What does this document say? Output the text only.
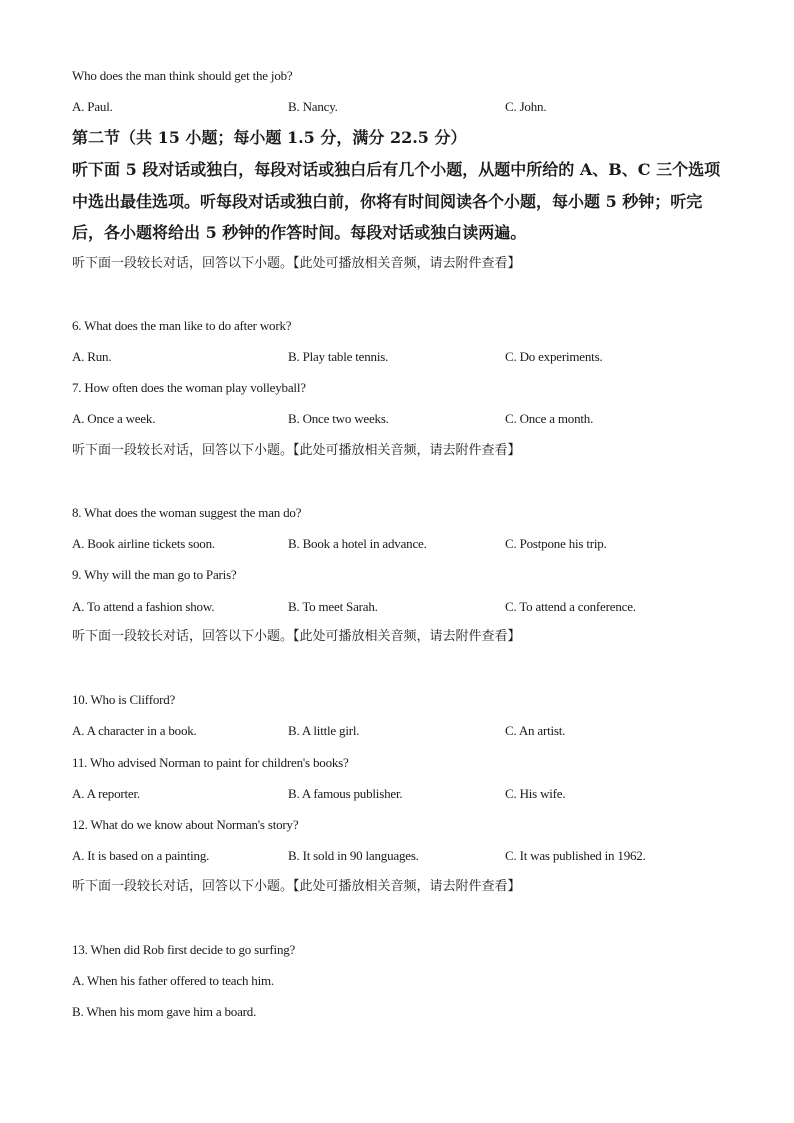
Who does the man think should get the job?
A. Paul.	B. Nancy.	C. John.
第二节（共 15 小题；每小题 1.5 分，满分 22.5 分）
听下面 5 段对话或独白，每段对话或独白后有几个小题，从题中所给的 A、B、C 三个选项
中选出最佳选项。听每段对话或独白前，你将有时间阅读各个小题，每小题 5 秒钟；听完
后，各小题将给出 5 秒钟的作答时间。每段对话或独白读两遍。
听下面一段较长对话，回答以下小题。【此处可播放相关音频，请去附件查看】
6. What does the man like to do after work?
A. Run.	B. Play table tennis.	C. Do experiments.
7. How often does the woman play volleyball?
A. Once a week.	B. Once two weeks.	C. Once a month.
听下面一段较长对话，回答以下小题。【此处可播放相关音频，请去附件查看】
8. What does the woman suggest the man do?
A. Book airline tickets soon.	B. Book a hotel in advance.	C. Postpone his trip.
9. Why will the man go to Paris?
A. To attend a fashion show.	B. To meet Sarah.	C. To attend a conference.
听下面一段较长对话，回答以下小题。【此处可播放相关音频，请去附件查看】
10. Who is Clifford?
A. A character in a book.	B. A little girl.	C. An artist.
11. Who advised Norman to paint for children's books?
A. A reporter.	B. A famous publisher.	C. His wife.
12. What do we know about Norman's story?
A. It is based on a painting.	B. It sold in 90 languages.	C. It was published in 1962.
听下面一段较长对话，回答以下小题。【此处可播放相关音频，请去附件查看】
13. When did Rob first decide to go surfing?
A. When his father offered to teach him.
B. When his mom gave him a board.
